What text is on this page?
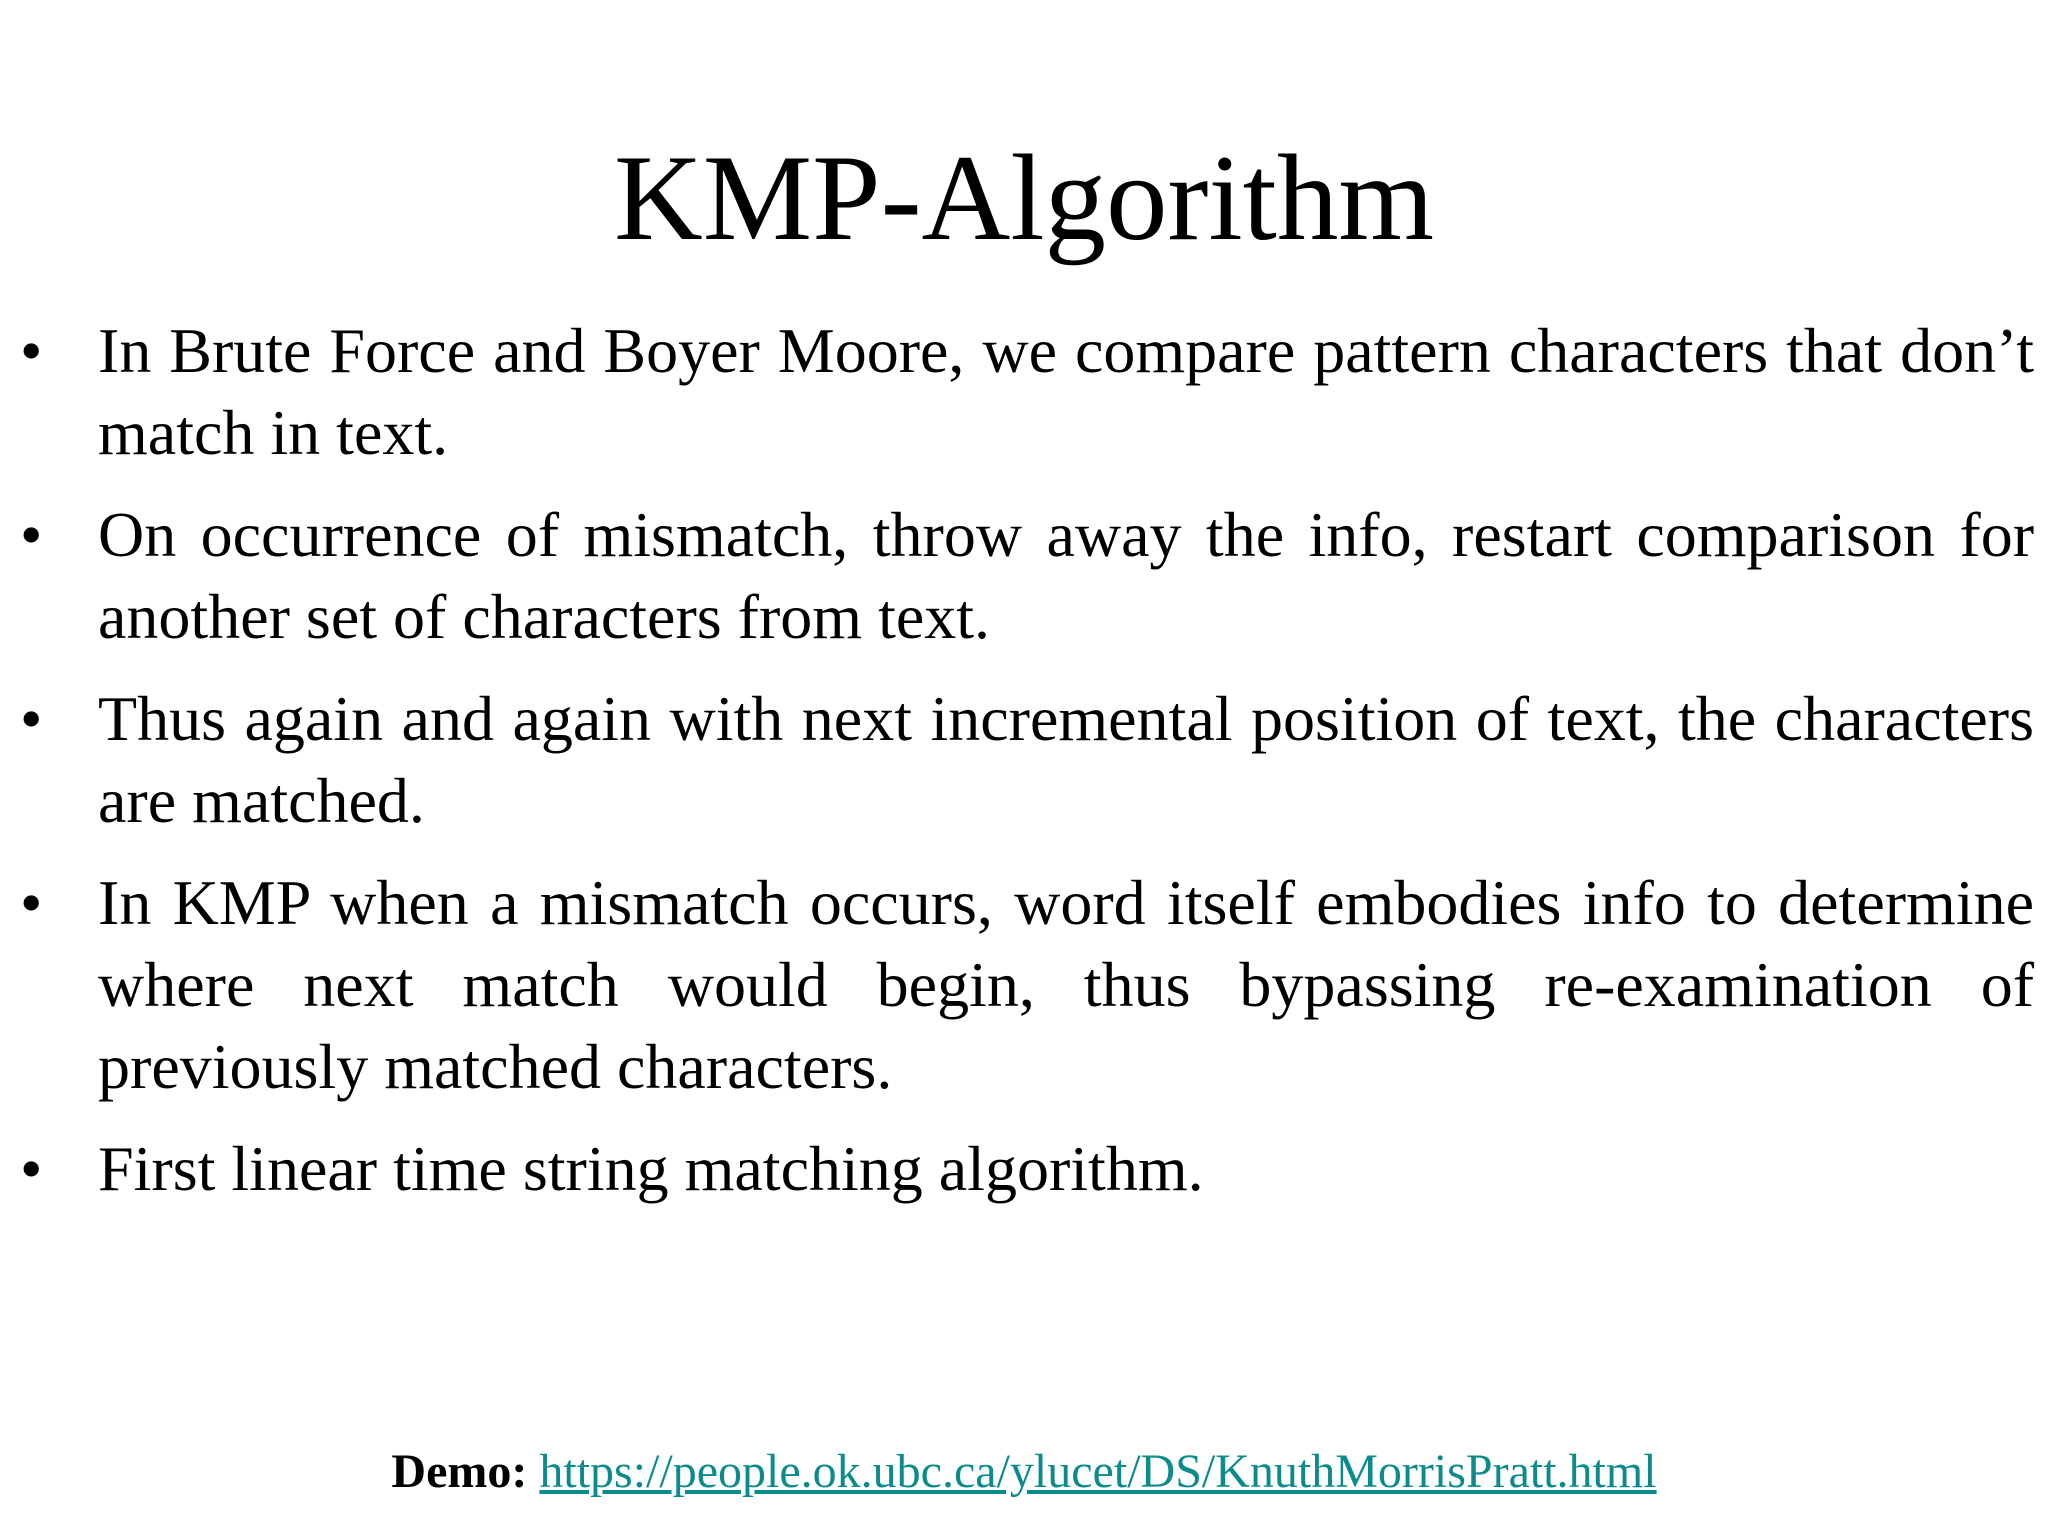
KMP-Algorithm
• In Brute Force and Boyer Moore, we compare pattern characters that don’t match in text.
• On occurrence of mismatch, throw away the info, restart comparison for another set of characters from text.
• Thus again and again with next incremental position of text, the characters are matched.
• In KMP when a mismatch occurs, word itself embodies info to determine where next match would begin, thus bypassing re-examination of previously matched characters.
• First linear time string matching algorithm.
Demo: https://people.ok.ubc.ca/ylucet/DS/KnuthMorrisPratt.html
